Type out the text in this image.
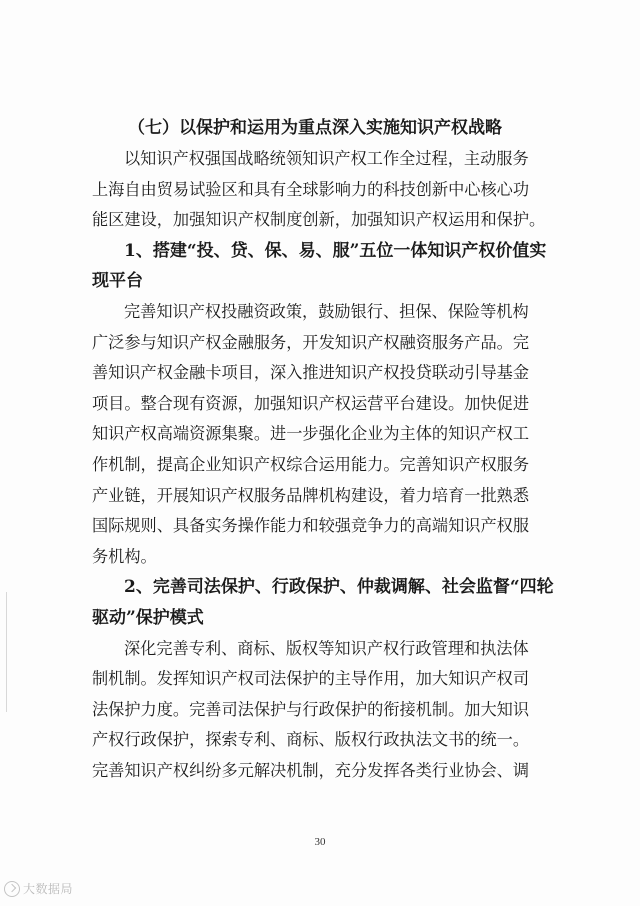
（七）以保护和运用为重点深入实施知识产权战略

以知识产权强国战略统领知识产权工作全过程，主动服务
上海自由贸易试验区和具有全球影响力的科技创新中心核心功
能区建设，加强知识产权制度创新，加强知识产权运用和保护。
1、搭建“投、贷、保、易、服”五位一体知识产权价值实
现平台
完善知识产权投融资政策，鼓励银行、担保、保险等机构
广泛参与知识产权金融服务，开发知识产权融资服务产品。完
善知识产权金融卡项目，深入推进知识产权投贷联动引导基金
项目。整合现有资源，加强知识产权运营平台建设。加快促进
知识产权高端资源集聚。进一步强化企业为主体的知识产权工
作机制，提高企业知识产权综合运用能力。完善知识产权服务
产业链，开展知识产权服务品牌机构建设，着力培育一批熟悉
国际规则、具备实务操作能力和较强竞争力的高端知识产权服
务机构。
2、完善司法保护、行政保护、仲裁调解、社会监督“四轮
驱动”保护模式
深化完善专利、商标、版权等知识产权行政管理和执法体
制机制。发挥知识产权司法保护的主导作用，加大知识产权司
法保护力度。完善司法保护与行政保护的衔接机制。加大知识
产权行政保护，探索专利、商标、版权行政执法文书的统一。
完善知识产权纠纷多元解决机制，充分发挥各类行业协会、调
30
大数据局
